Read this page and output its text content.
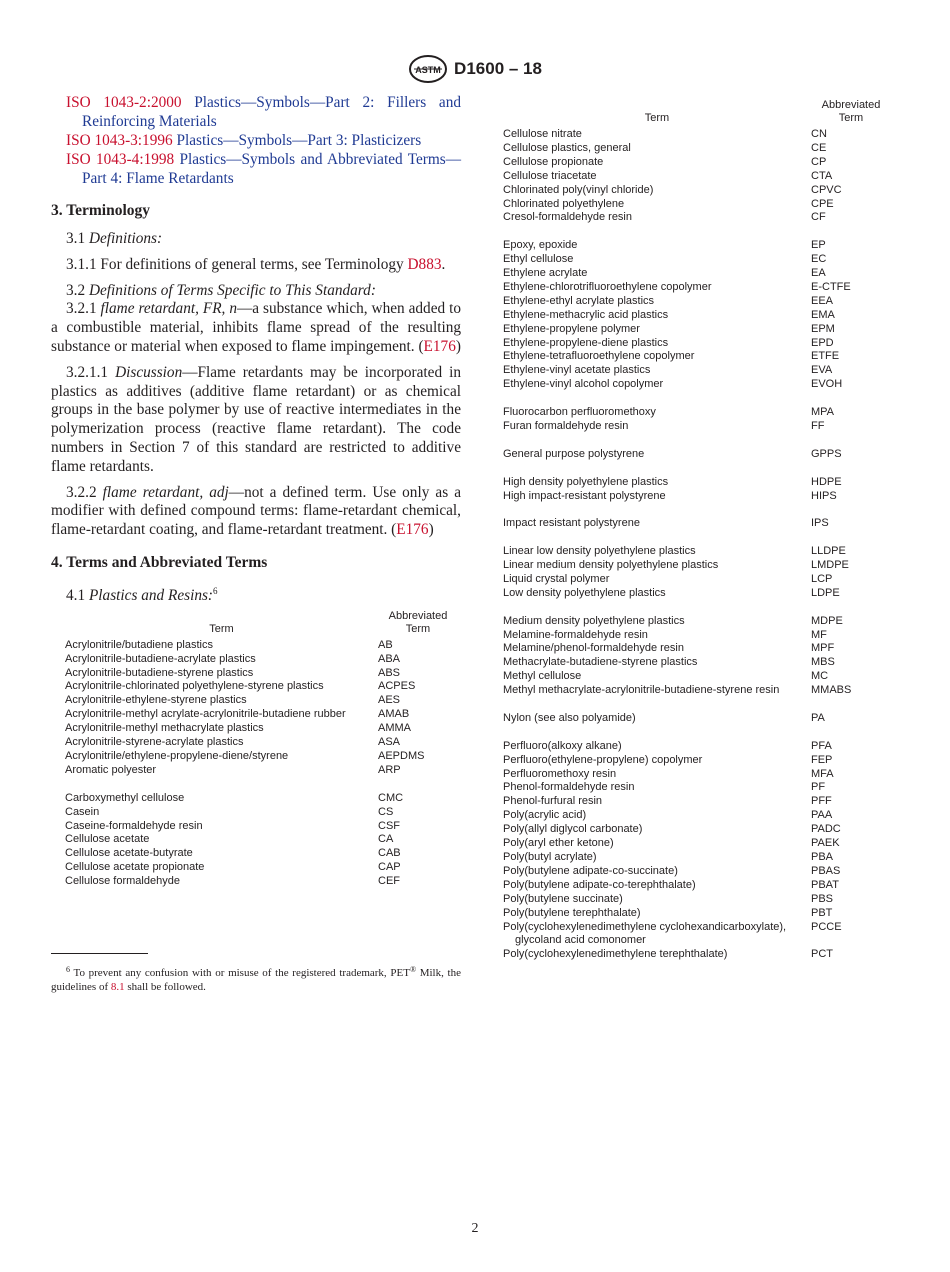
ASTM D1600 – 18

ISO 1043-2:2000 Plastics—Symbols—Part 2: Fillers and Reinforcing Materials

ISO 1043-3:1996 Plastics—Symbols—Part 3: Plasticizers

ISO 1043-4:1998 Plastics—Symbols and Abbreviated Terms—Part 4: Flame Retardants

3. Terminology

3.1 Definitions:

3.1.1 For definitions of general terms, see Terminology D883.

3.2 Definitions of Terms Specific to This Standard:

3.2.1 flame retardant, FR, n—a substance which, when added to a combustible material, inhibits flame spread of the resulting substance or material when exposed to flame impingement. (E176)

3.2.1.1 Discussion—Flame retardants may be incorporated in plastics as additives (additive flame retardant) or as chemical groups in the base polymer by use of reactive intermediates in the polymerization process (reactive flame retardant). The code numbers in Section 7 of this standard are restricted to additive flame retardants.

3.2.2 flame retardant, adj—not a defined term. Use only as a modifier with defined compound terms: flame-retardant chemical, flame-retardant coating, and flame-retardant treatment. (E176)

4. Terms and Abbreviated Terms

4.1 Plastics and Resins:$^6$

Term	Abbreviated Term

Acrylonitrile/butadiene plastics	AB

Acrylonitrile-butadiene-acrylate plastics	ABA

Acrylonitrile-butadiene-styrene plastics	ABS

Acrylonitrile-chlorinated polyethylene-styrene plastics	ACPES

Acrylonitrile-ethylene-styrene plastics	AES

Acrylonitrile-methyl acrylate-acrylonitrile-butadiene rubber	AMAB

Acrylonitrile-methyl methacrylate plastics	AMMA

Acrylonitrile-styrene-acrylate plastics	ASA

Acrylonitrile/ethylene-propylene-diene/styrene	AEPDMS

Aromatic polyester	ARP

Carboxymethyl cellulose	CMC

Casein	CS

Caseine-formaldehyde resin	CSF

Cellulose acetate	CA

Cellulose acetate-butyrate	CAB

Cellulose acetate propionate	CAP

Cellulose formaldehyde	CEF
Term	Abbreviated Term

Cellulose nitrate	CN

Cellulose plastics, general	CE

Cellulose propionate	CP

Cellulose triacetate	CTA

Chlorinated poly(vinyl chloride)	CPVC

Chlorinated polyethylene	CPE

Cresol-formaldehyde resin	CF

Epoxy, epoxide	EP

Ethyl cellulose	EC

Ethylene acrylate	EA

Ethylene-chlorotrifluoroethylene copolymer	E-CTFE

Ethylene-ethyl acrylate plastics	EEA

Ethylene-methacrylic acid plastics	EMA

Ethylene-propylene polymer	EPM

Ethylene-propylene-diene plastics	EPD

Ethylene-tetrafluoroethylene copolymer	ETFE

Ethylene-vinyl acetate plastics	EVA

Ethylene-vinyl alcohol copolymer	EVOH

Fluorocarbon perfluoromethoxy	MPA

Furan formaldehyde resin	FF

General purpose polystyrene	GPPS

High density polyethylene plastics	HDPE

High impact-resistant polystyrene	HIPS

Impact resistant polystyrene	IPS

Linear low density polyethylene plastics	LLDPE

Linear medium density polyethylene plastics	LMDPE

Liquid crystal polymer	LCP

Low density polyethylene plastics	LDPE

Medium density polyethylene plastics	MDPE

Melamine-formaldehyde resin	MF

Melamine/phenol-formaldehyde resin	MPF

Methacrylate-butadiene-styrene plastics	MBS

Methyl cellulose	MC

Methyl methacrylate-acrylonitrile-butadiene-styrene resin	MMABS

Nylon (see also polyamide)	PA

Perfluoro(alkoxy alkane)	PFA

Perfluoro(ethylene-propylene) copolymer	FEP

Perfluoromethoxy resin	MFA

Phenol-formaldehyde resin	PF

Phenol-furfural resin	PFF

Poly(acrylic acid)	PAA

Poly(allyl diglycol carbonate)	PADC

Poly(aryl ether ketone)	PAEK

Poly(butyl acrylate)	PBA

Poly(butylene adipate-co-succinate)	PBAS

Poly(butylene adipate-co-terephthalate)	PBAT

Poly(butylene succinate)	PBS

Poly(butylene terephthalate)	PBT

Poly(cyclohexylenedimethylene cyclohexandicarboxylate), glycoland acid comonomer	PCCE

Poly(cyclohexylenedimethylene terephthalate)	PCT
$^6$ To prevent any confusion with or misuse of the registered trademark, PET® Milk, the guidelines of 8.1 shall be followed.
2
